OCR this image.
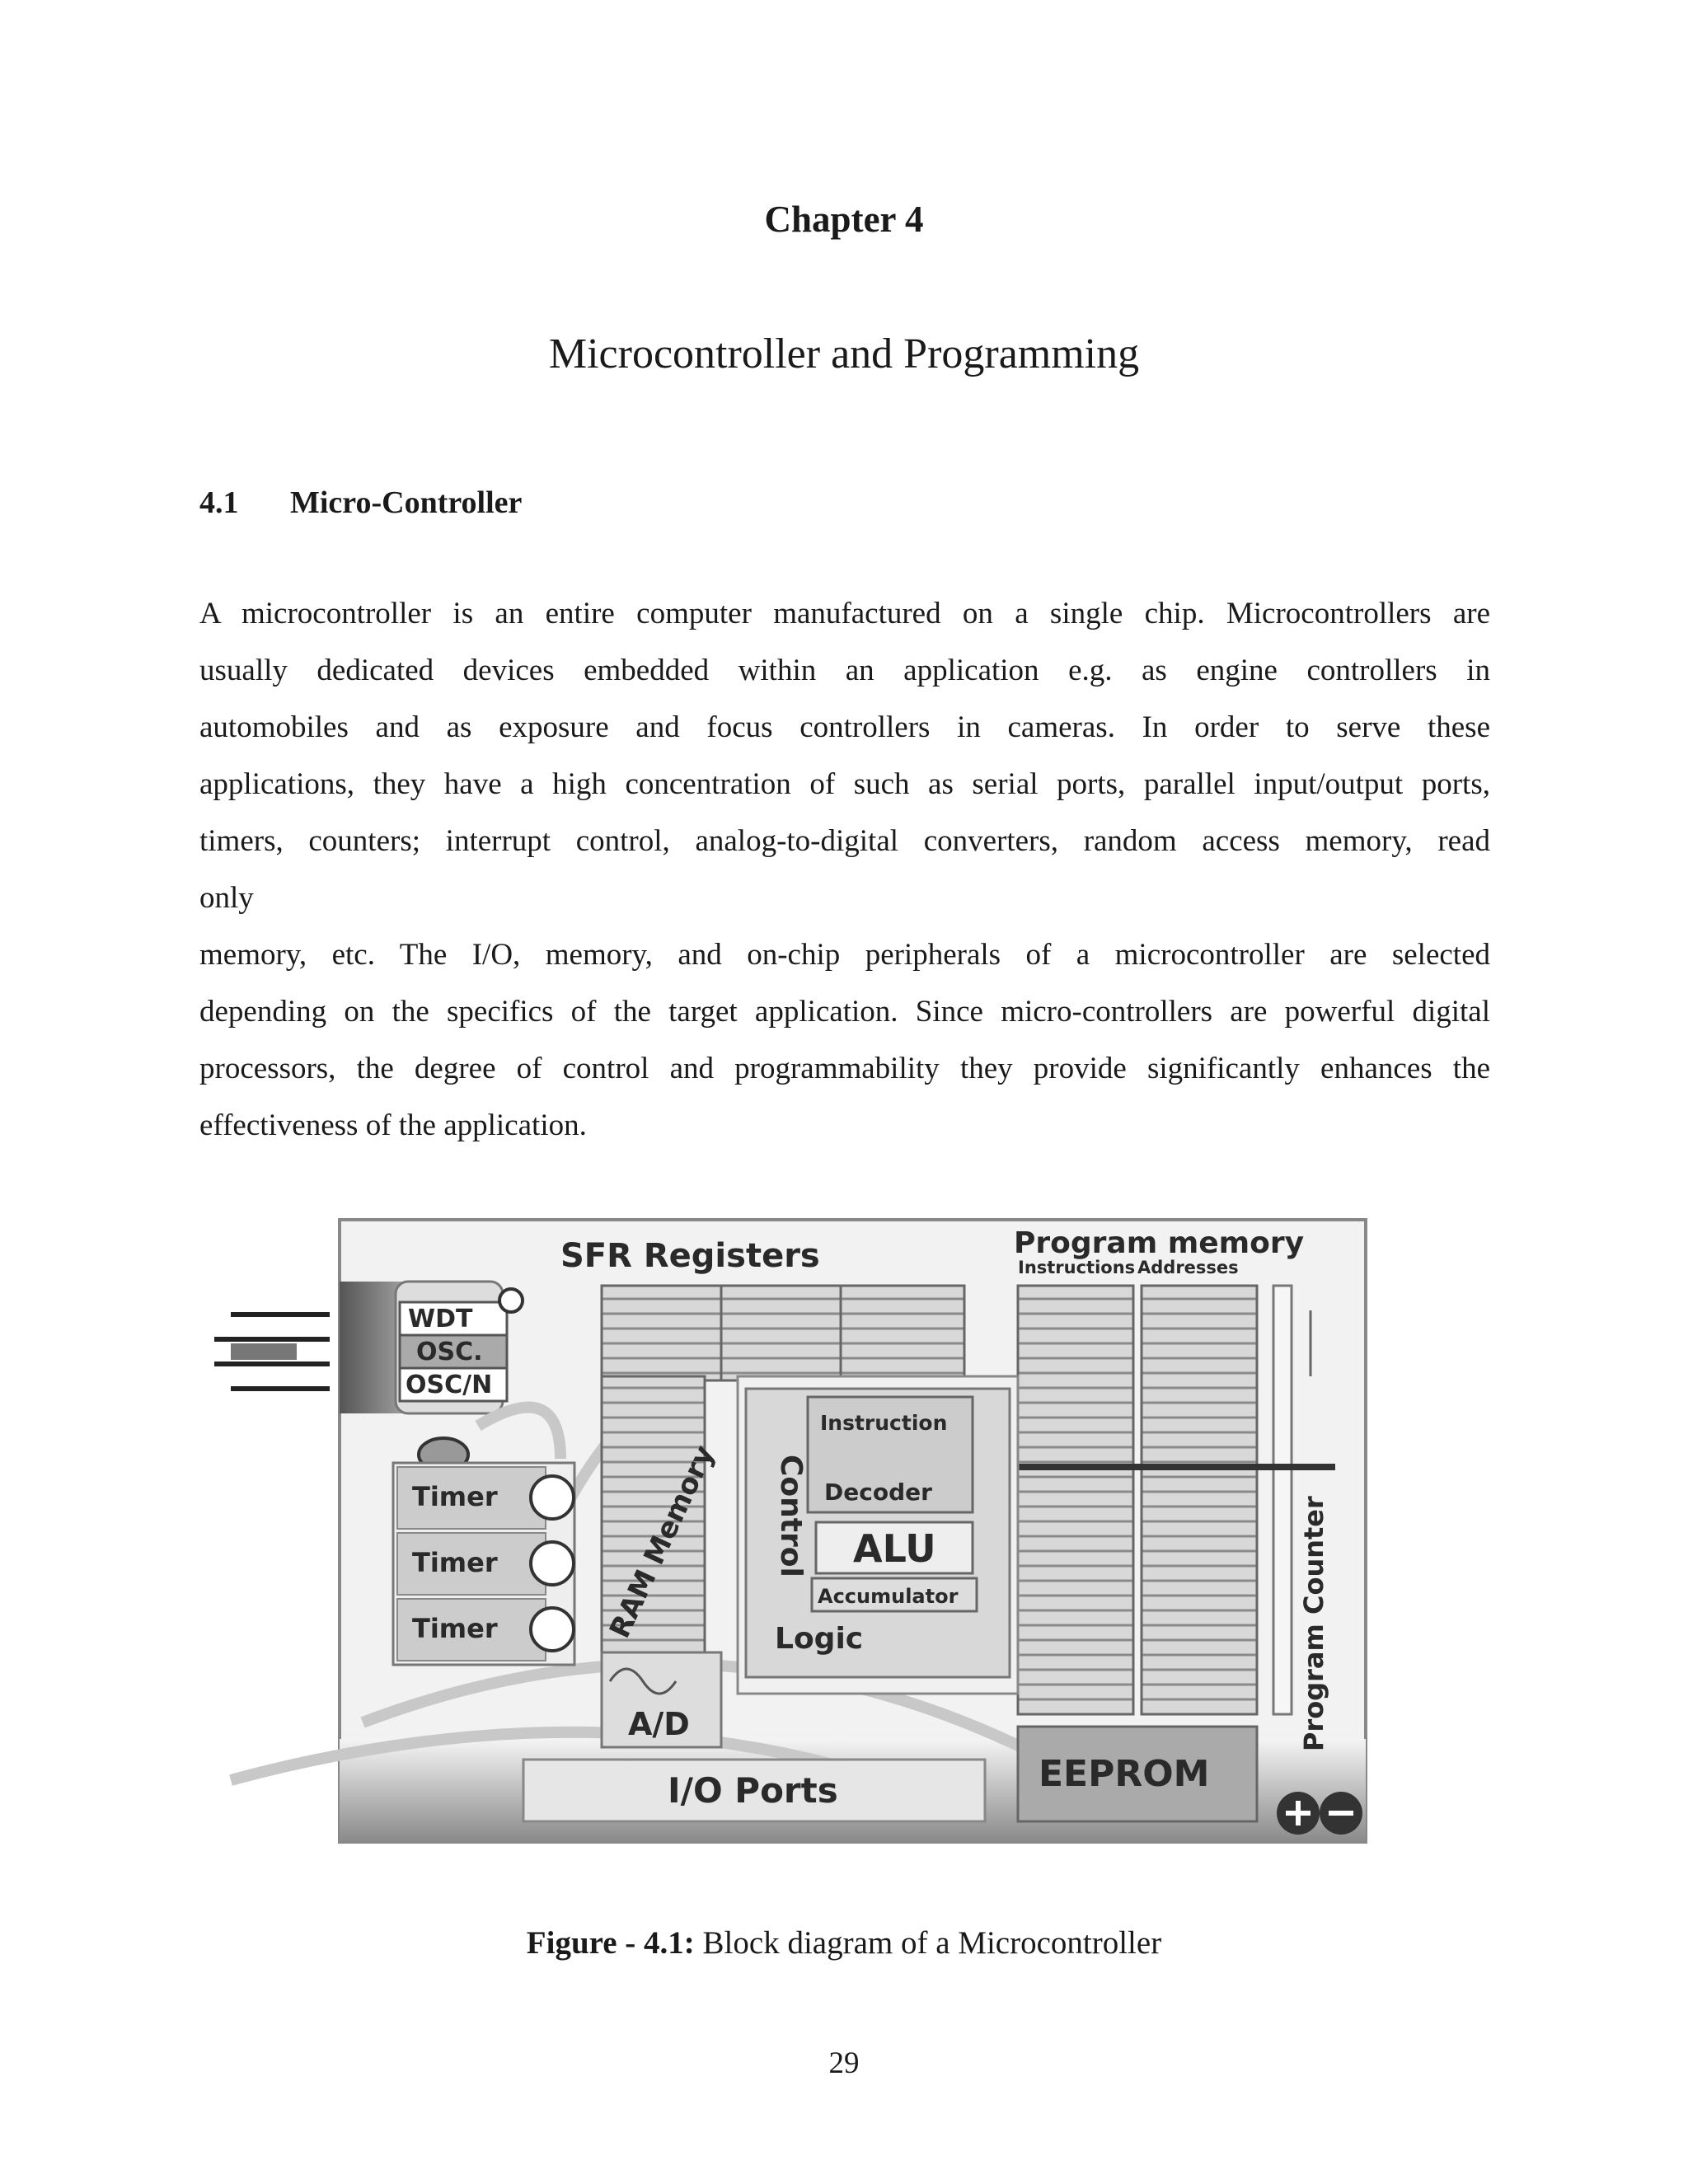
Chapter 4
Microcontroller and Programming
4.1 Micro-Controller
A microcontroller is an entire computer manufactured on a single chip. Microcontrollers are
usually dedicated devices embedded within an application e.g. as engine controllers in
automobiles and as exposure and focus controllers in cameras. In order to serve these
applications, they have a high concentration of such as serial ports, parallel input/output ports,
timers, counters; interrupt control, analog-to-digital converters, random access memory, read
only
memory, etc. The I/O, memory, and on-chip peripherals of a microcontroller are selected
depending on the specifics of the target application. Since micro-controllers are powerful digital
processors, the degree of control and programmability they provide significantly enhances the
effectiveness of the application.
WDT
OSC.
OSC/N
SFR Registers	Program memory
Instructions Addresses
Program Counter
Timer
Timer
Timer	RAM Memory Control
Logic
Instruction
Decoder
ALU
Accumulator
A/D
I/O Ports	EEPROM
Figure - 4.1: Block diagram of a Microcontroller
29
